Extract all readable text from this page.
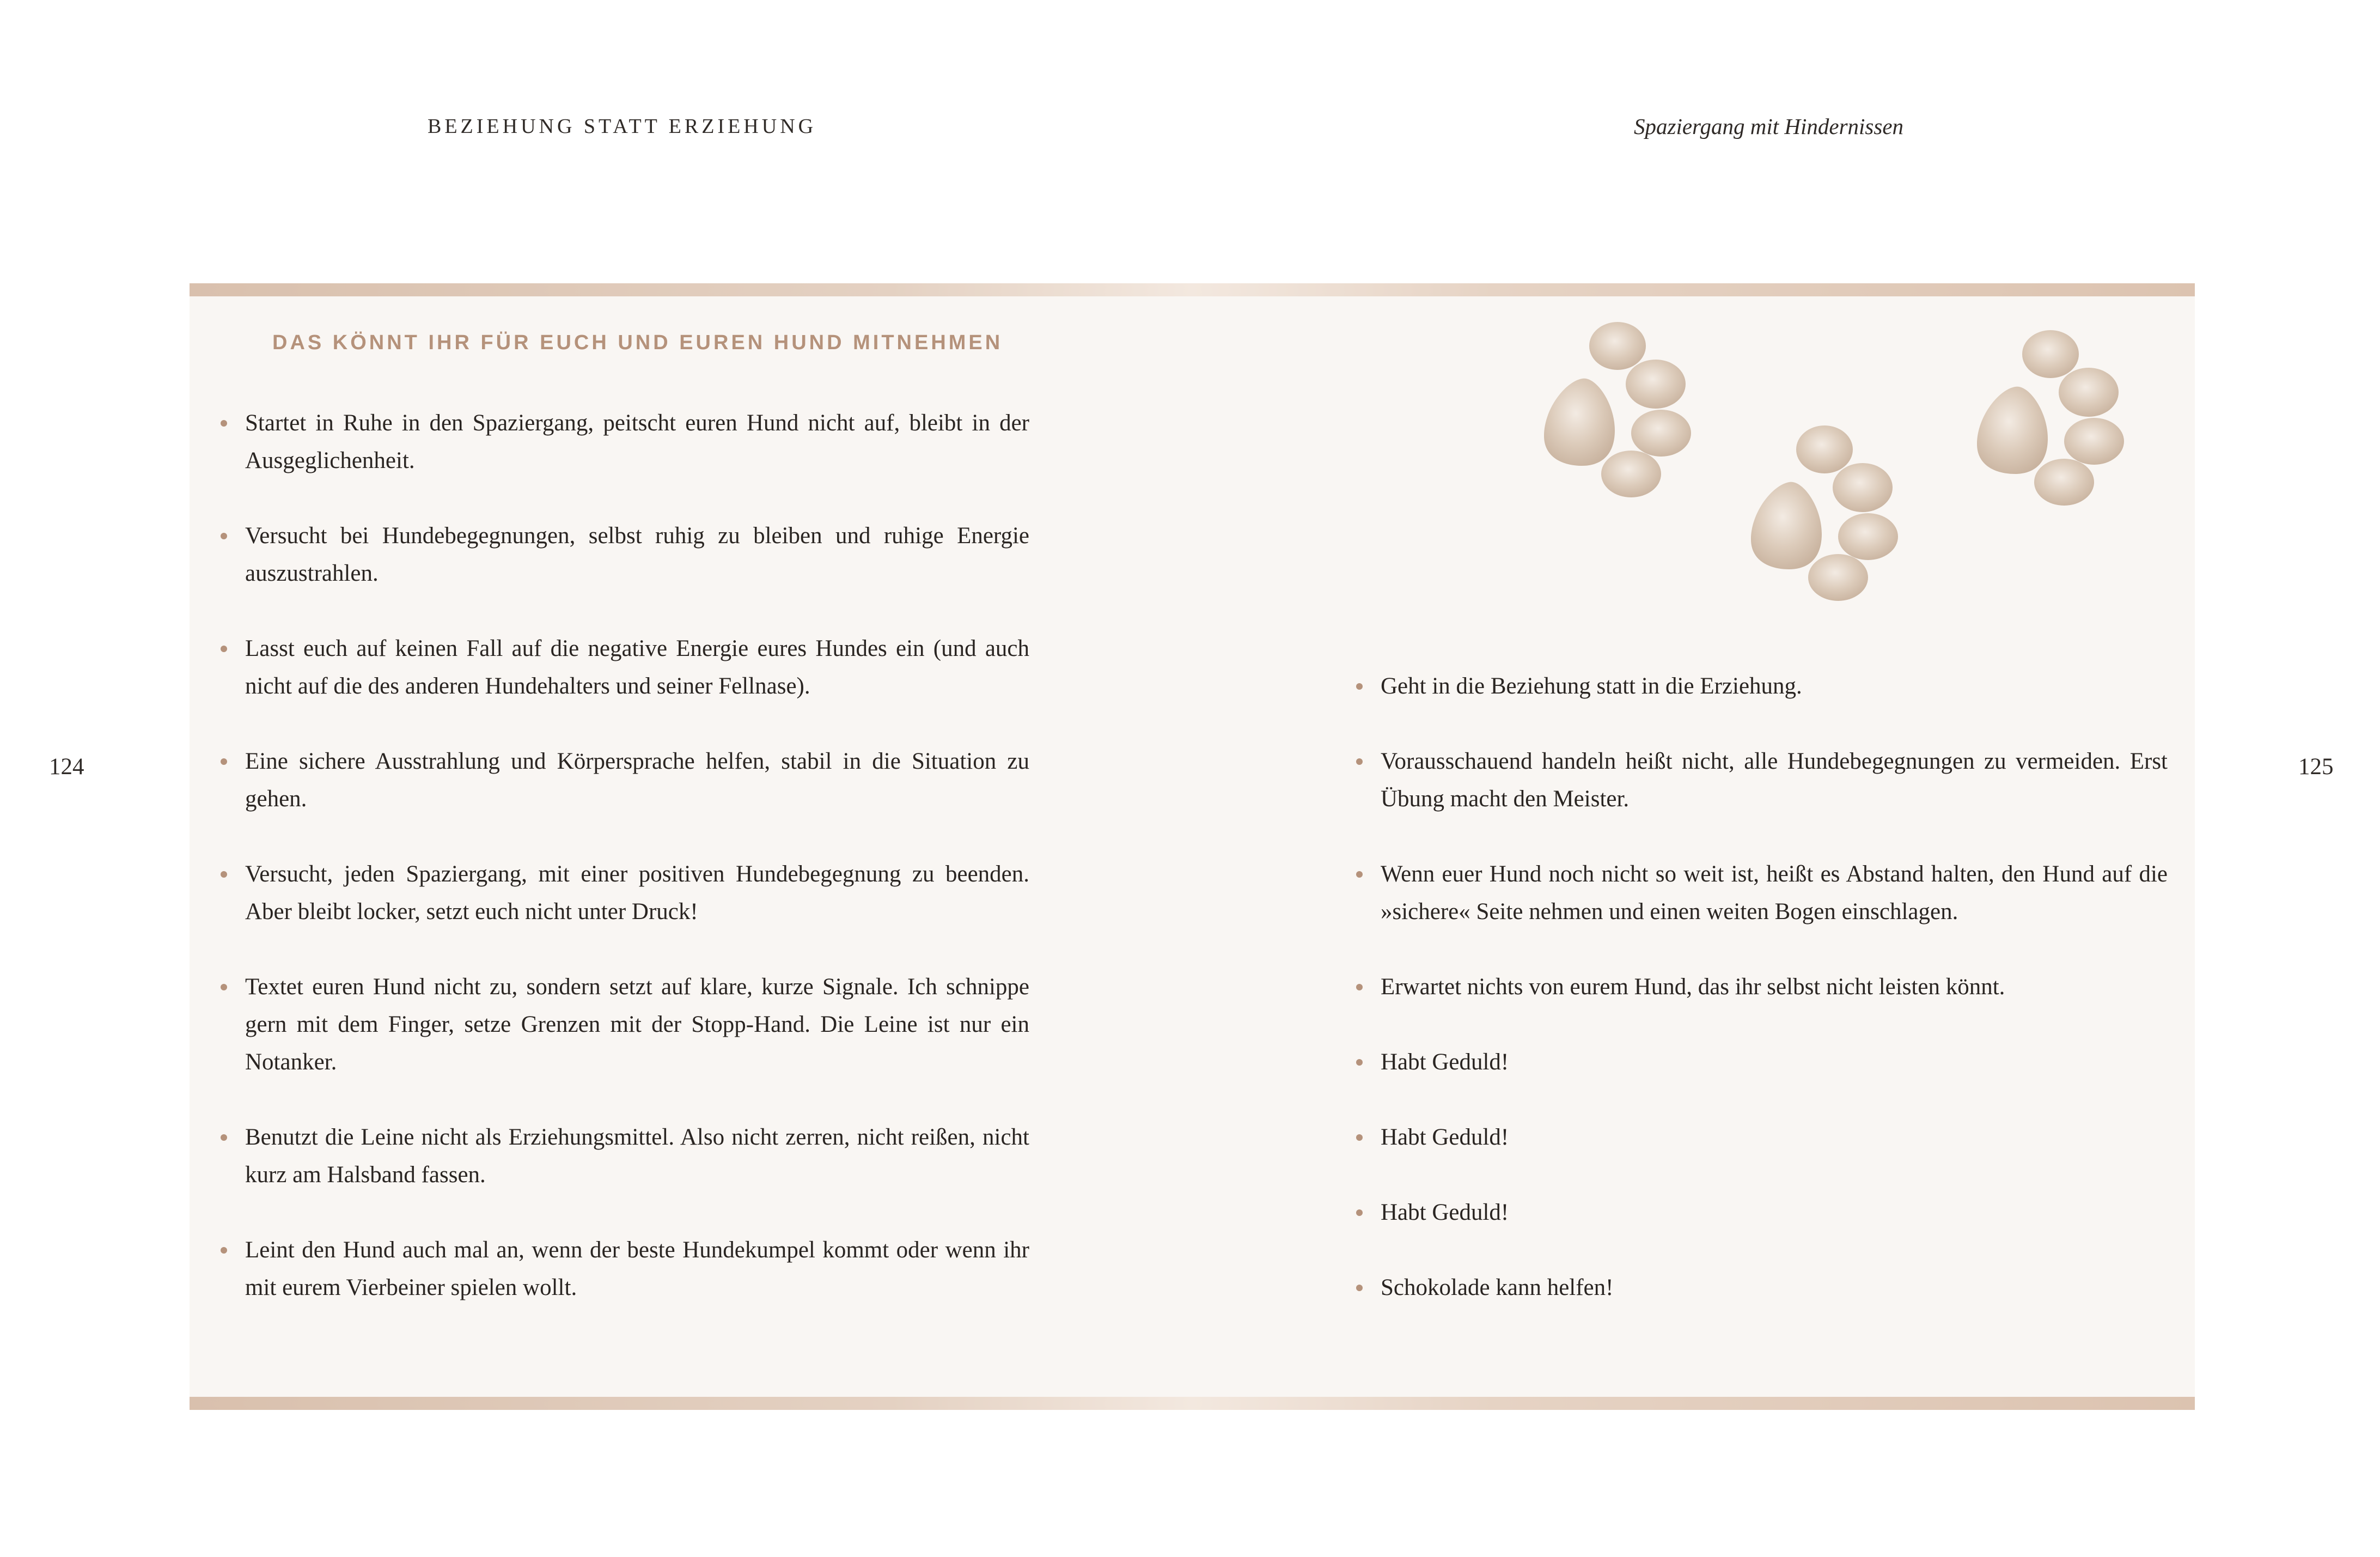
BEZIEHUNG STATT ERZIEHUNG	Spaziergang mit Hindernissen
124	125
DAS KÖNNT IHR FÜR EUCH UND EUREN HUND MITNEHMEN
Startet in Ruhe in den Spaziergang, peitscht euren Hund nicht auf, bleibt in der Ausgeglichenheit.
Versucht bei Hundebegegnungen, selbst ruhig zu bleiben und ruhige Energie auszustrahlen.
Lasst euch auf keinen Fall auf die negative Energie eures Hundes ein (und auch nicht auf die des anderen Hundehalters und seiner Fellnase).
Eine sichere Ausstrahlung und Körpersprache helfen, stabil in die Situation zu gehen.
Versucht, jeden Spaziergang, mit einer positiven Hundebegegnung zu beenden. Aber bleibt locker, setzt euch nicht unter Druck!
Textet euren Hund nicht zu, sondern setzt auf klare, kurze Signale. Ich schnippe gern mit dem Finger, setze Grenzen mit der Stopp-Hand. Die Leine ist nur ein Notanker.
Benutzt die Leine nicht als Erziehungsmittel. Also nicht zerren, nicht reißen, nicht kurz am Halsband fassen.
Leint den Hund auch mal an, wenn der beste Hundekumpel kommt oder wenn ihr mit eurem Vierbeiner spielen wollt.
Geht in die Beziehung statt in die Erziehung.
Vorausschauend handeln heißt nicht, alle Hundebegegnungen zu vermeiden. Erst Übung macht den Meister.
Wenn euer Hund noch nicht so weit ist, heißt es Abstand halten, den Hund auf die »sichere« Seite nehmen und einen weiten Bogen einschlagen.
Erwartet nichts von eurem Hund, das ihr selbst nicht leisten könnt.
Habt Geduld!
Habt Geduld!
Habt Geduld!
Schokolade kann helfen!
